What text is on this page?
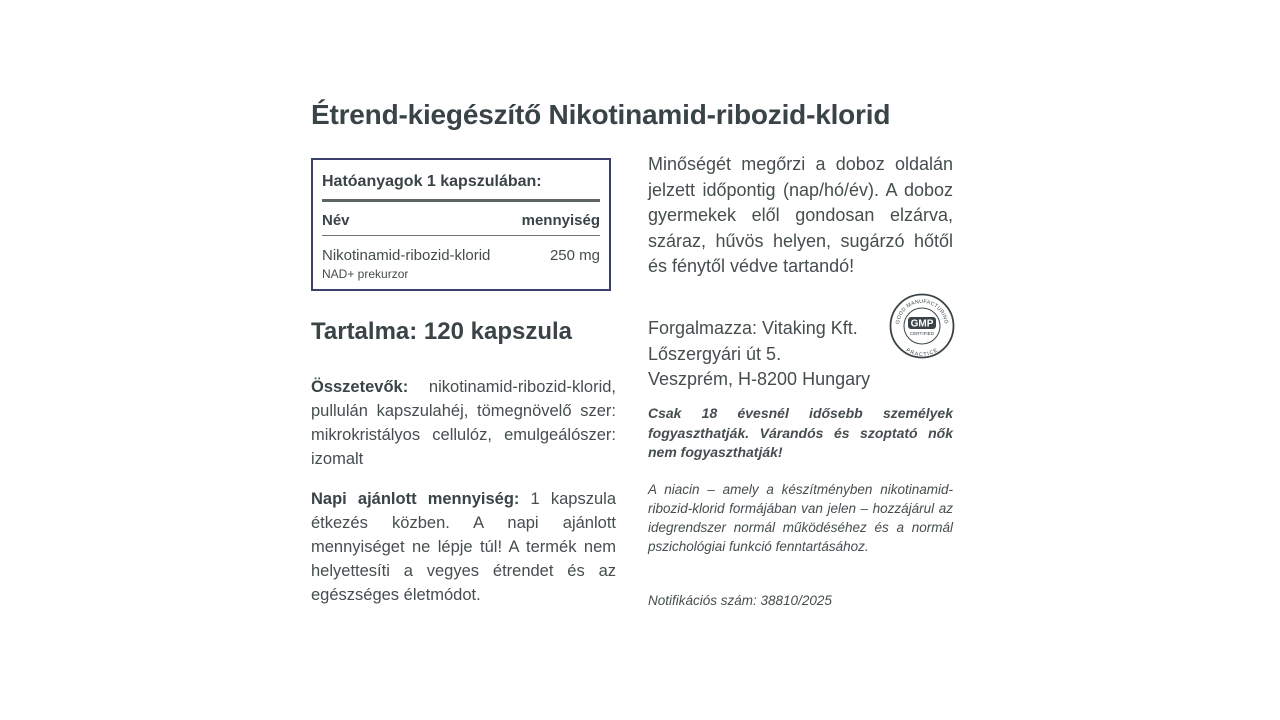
Étrend-kiegészítő Nikotinamid-ribozid-klorid
Hatóanyagok 1 kapszulában:
Név	mennyiség
Nikotinamid-ribozid-klorid	250 mg
NAD+ prekurzor
Tartalma: 120 kapszula
Összetevők: nikotinamid-ribozid-klorid, pullulán kapszulahéj, tömegnövelő szer: mikrokristályos cellulóz, emulgeálószer: izomalt
Napi ajánlott mennyiség: 1 kapszula étkezés közben. A napi ajánlott mennyiséget ne lépje túl! A termék nem helyettesíti a vegyes étrendet és az egészséges életmódot.
Minőségét megőrzi a doboz oldalán jelzett időpontig (nap/hó/év). A doboz gyermekek elől gondosan elzárva, száraz, hűvös helyen, sugárzó hőtől és fénytől védve tartandó!
Forgalmazza: Vitaking Kft.
Lőszergyári út 5.
Veszprém, H-8200 Hungary
GOOD MANUFACTURING
PRACTICE
GMP
CERTIFIED
Csak 18 évesnél idősebb személyek fogyaszthatják. Várandós és szoptató nők nem fogyaszthatják!
A niacin – amely a készítményben nikotinamid-ribozid-klorid formájában van jelen – hozzájárul az idegrendszer normál működéséhez és a normál pszichológiai funkció fenntartásához.
Notifikációs szám: 38810/2025
